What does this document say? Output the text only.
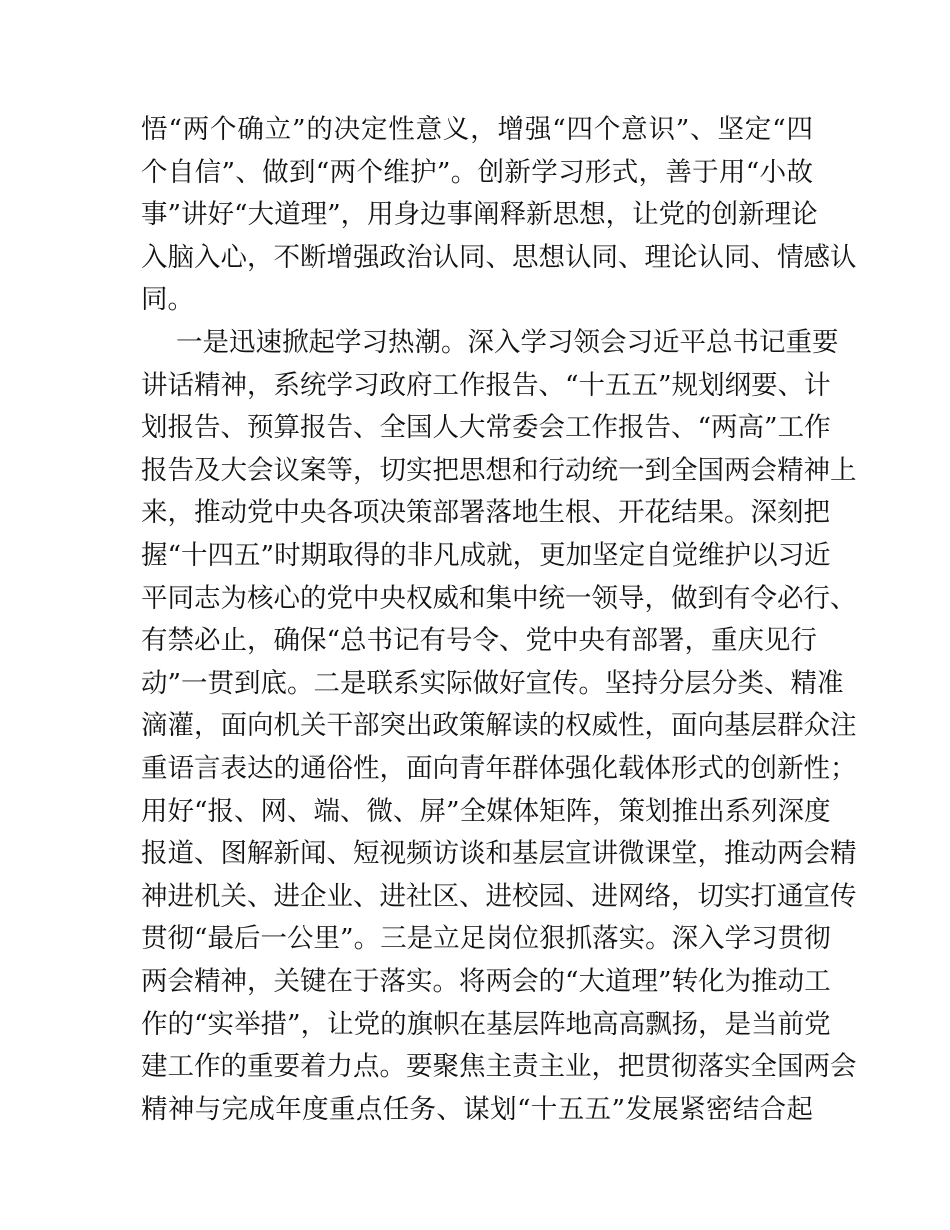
悟“两个确立”的决定性意义，增强“四个意识”、坚定“四
个自信”、做到“两个维护”。创新学习形式，善于用“小故
事”讲好“大道理”，用身边事阐释新思想，让党的创新理论
入脑入心，不断增强政治认同、思想认同、理论认同、情感认
同。
一是迅速掀起学习热潮。深入学习领会习近平总书记重要
讲话精神，系统学习政府工作报告、“十五五”规划纲要、计
划报告、预算报告、全国人大常委会工作报告、“两高”工作
报告及大会议案等，切实把思想和行动统一到全国两会精神上
来，推动党中央各项决策部署落地生根、开花结果。深刻把
握“十四五”时期取得的非凡成就，更加坚定自觉维护以习近
平同志为核心的党中央权威和集中统一领导，做到有令必行、
有禁必止，确保“总书记有号令、党中央有部署，重庆见行
动”一贯到底。二是联系实际做好宣传。坚持分层分类、精准
滴灌，面向机关干部突出政策解读的权威性，面向基层群众注
重语言表达的通俗性，面向青年群体强化载体形式的创新性；
用好“报、网、端、微、屏”全媒体矩阵，策划推出系列深度
报道、图解新闻、短视频访谈和基层宣讲微课堂，推动两会精
神进机关、进企业、进社区、进校园、进网络，切实打通宣传
贯彻“最后一公里”。三是立足岗位狠抓落实。深入学习贯彻
两会精神，关键在于落实。将两会的“大道理”转化为推动工
作的“实举措”，让党的旗帜在基层阵地高高飘扬，是当前党
建工作的重要着力点。要聚焦主责主业，把贯彻落实全国两会
精神与完成年度重点任务、谋划“十五五”发展紧密结合起
